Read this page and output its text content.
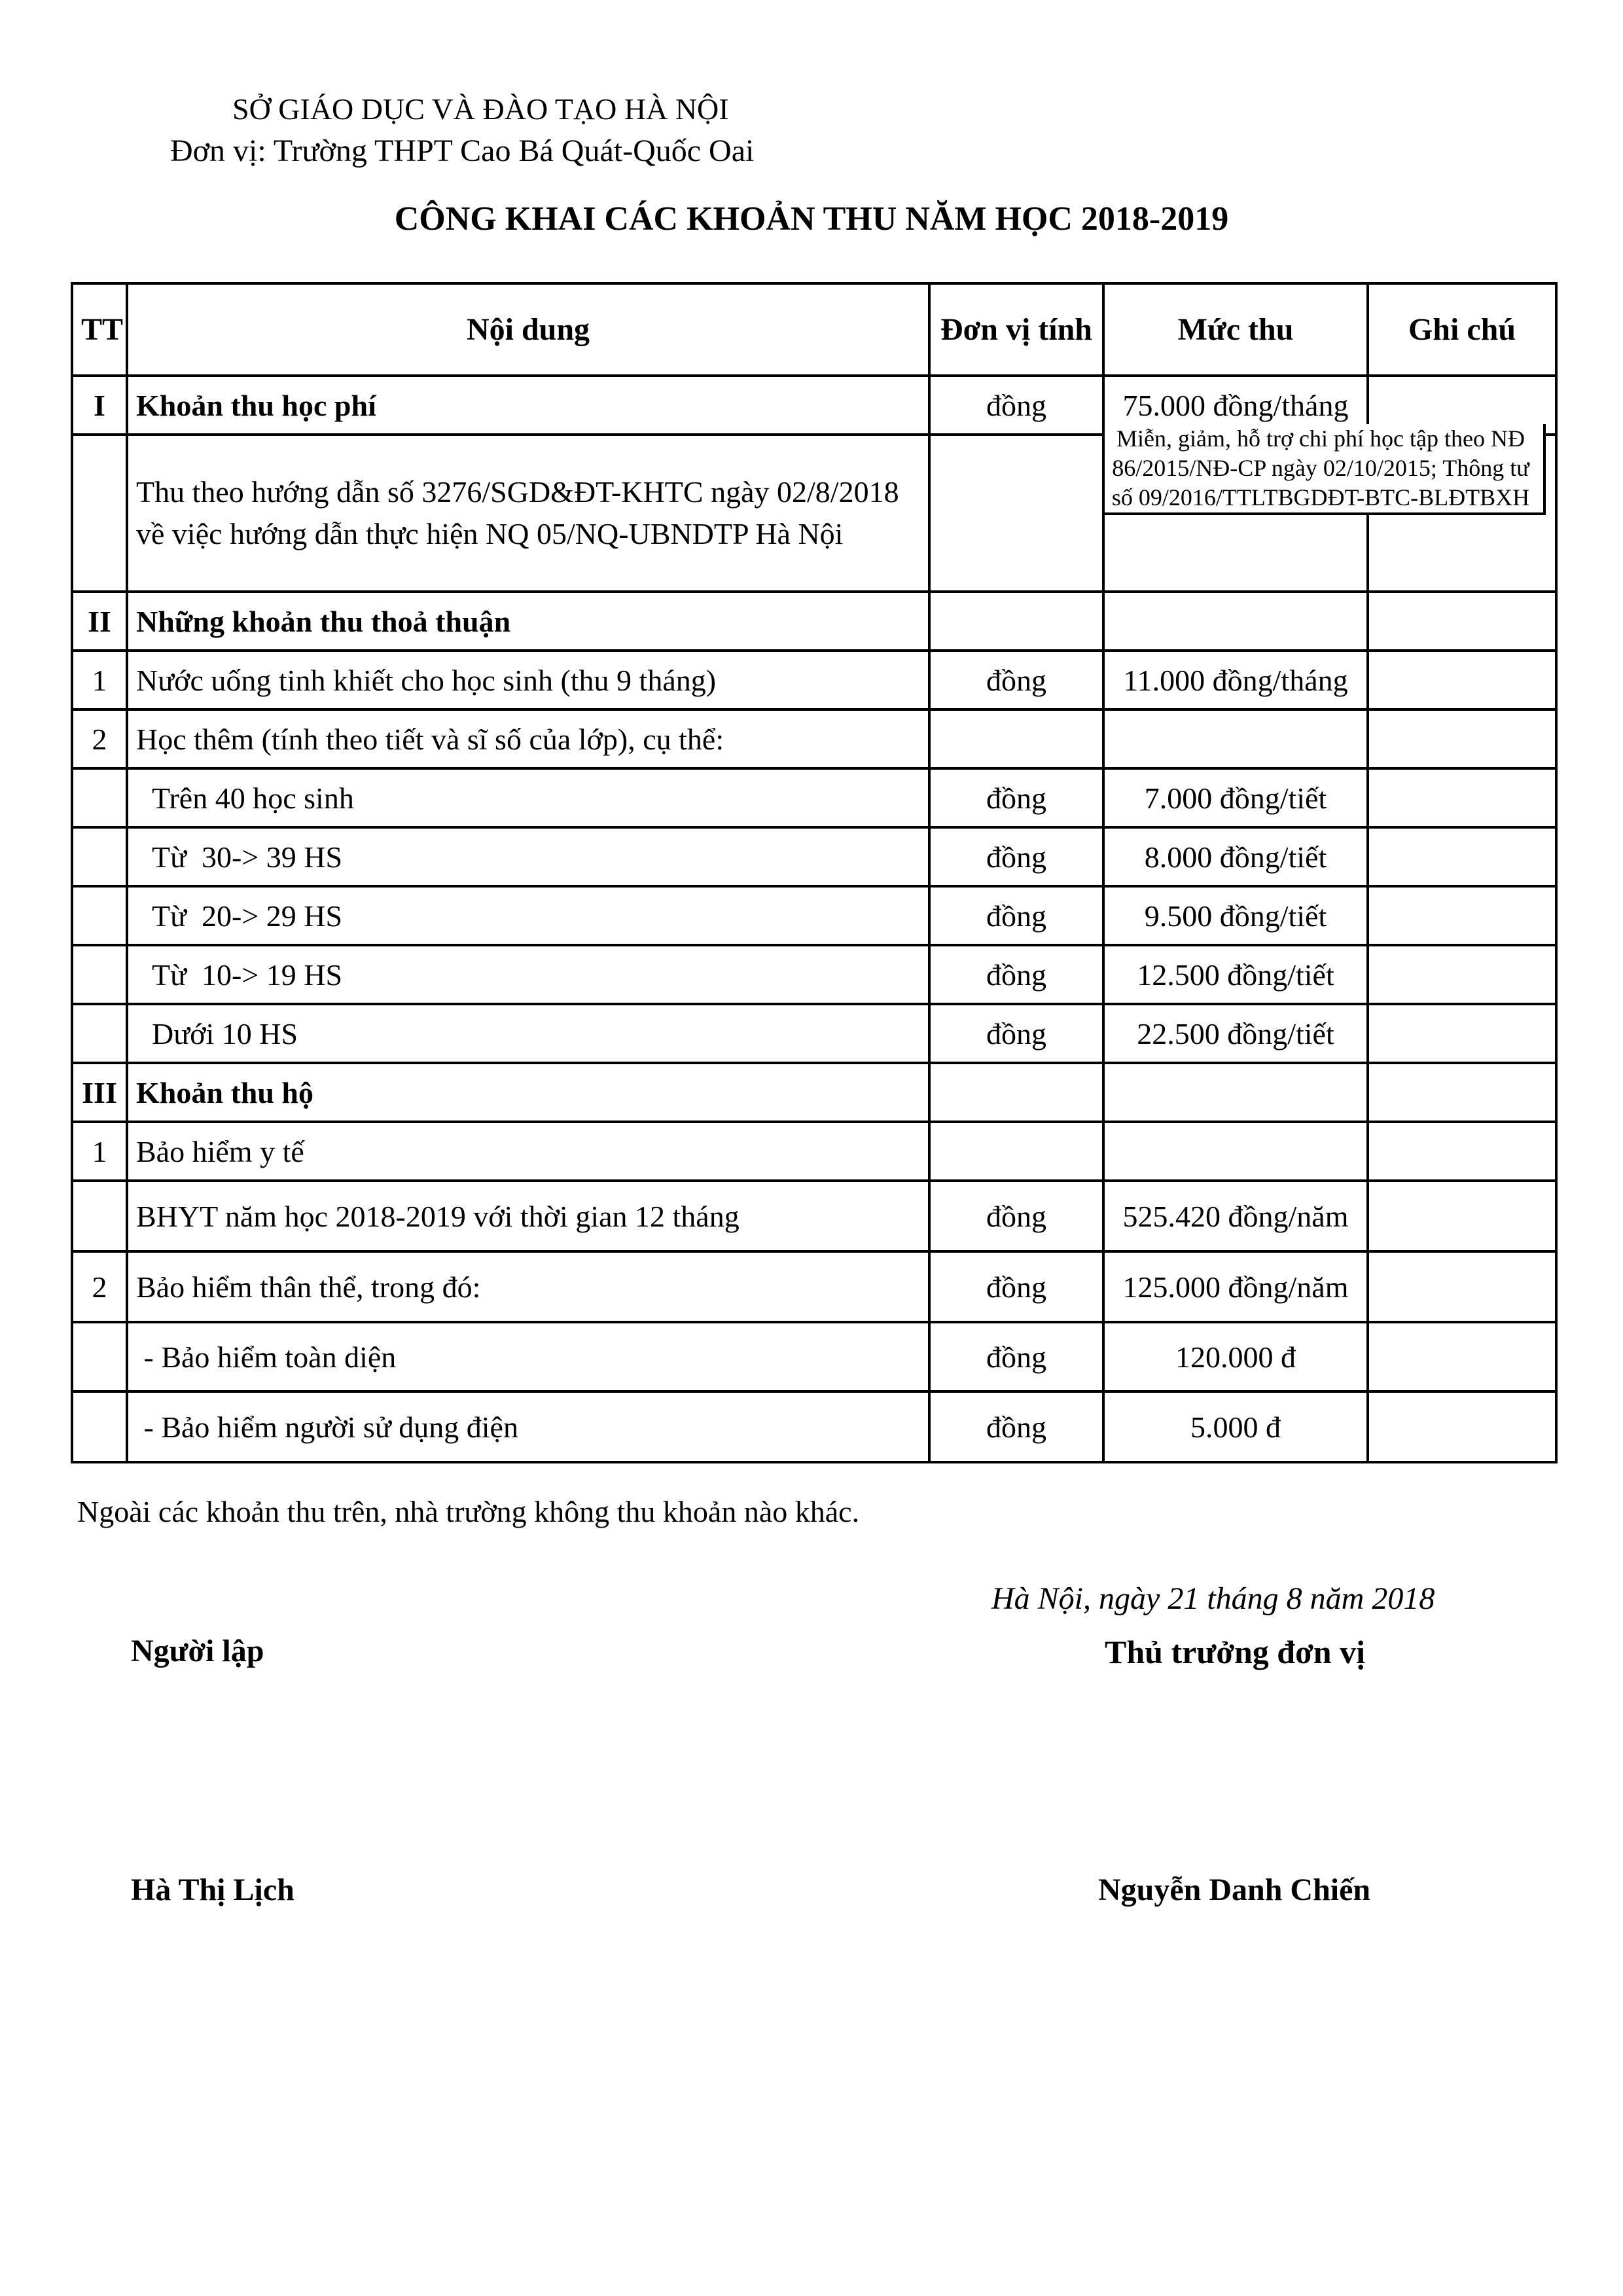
SỞ GIÁO DỤC VÀ ĐÀO TẠO HÀ NỘI
Đơn vị: Trường THPT Cao Bá Quát-Quốc Oai
CÔNG KHAI CÁC KHOẢN THU NĂM HỌC 2018-2019
TT	Nội dung	Đơn vị tính	Mức thu	Ghi chú
I	Khoản thu học phí	đồng	75.000 đồng/tháng	
	Thu theo hướng dẫn số 3276/SGD&ĐT-KHTC ngày 02/8/2018 về việc hướng dẫn thực hiện NQ 05/NQ-UBNDTP Hà Nội		Miễn, giảm, hỗ trợ chi phí học tập theo NĐ 86/2015/NĐ-CP ngày 02/10/2015; Thông tư số 09/2016/TTLTBGDĐT-BTC-BLĐTBXH	

II	Những khoản thu thoả thuận			
1	Nước uống tinh khiết cho học sinh (thu 9 tháng)	đồng	11.000 đồng/tháng	
2	Học thêm (tính theo tiết và sĩ số của lớp), cụ thể:			
	Trên 40 học sinh	đồng	7.000 đồng/tiết	
	Từ  30-> 39 HS	đồng	8.000 đồng/tiết	
	Từ  20-> 29 HS	đồng	9.500 đồng/tiết	
	Từ  10-> 19 HS	đồng	12.500 đồng/tiết	
	Dưới 10 HS	đồng	22.500 đồng/tiết	
III	Khoản thu hộ			
1	Bảo hiểm y tế			
	BHYT năm học 2018-2019 với thời gian 12 tháng	đồng	525.420 đồng/năm	
2	Bảo hiểm thân thể, trong đó:	đồng	125.000 đồng/năm	
	- Bảo hiểm toàn diện	đồng	120.000 đ	
	- Bảo hiểm người sử dụng điện	đồng	5.000 đ	
Ngoài các khoản thu trên, nhà trường không thu khoản nào khác.
Hà Nội, ngày 21 tháng 8 năm 2018
Người lập	Thủ trưởng đơn vị
Hà Thị Lịch	Nguyễn Danh Chiến
